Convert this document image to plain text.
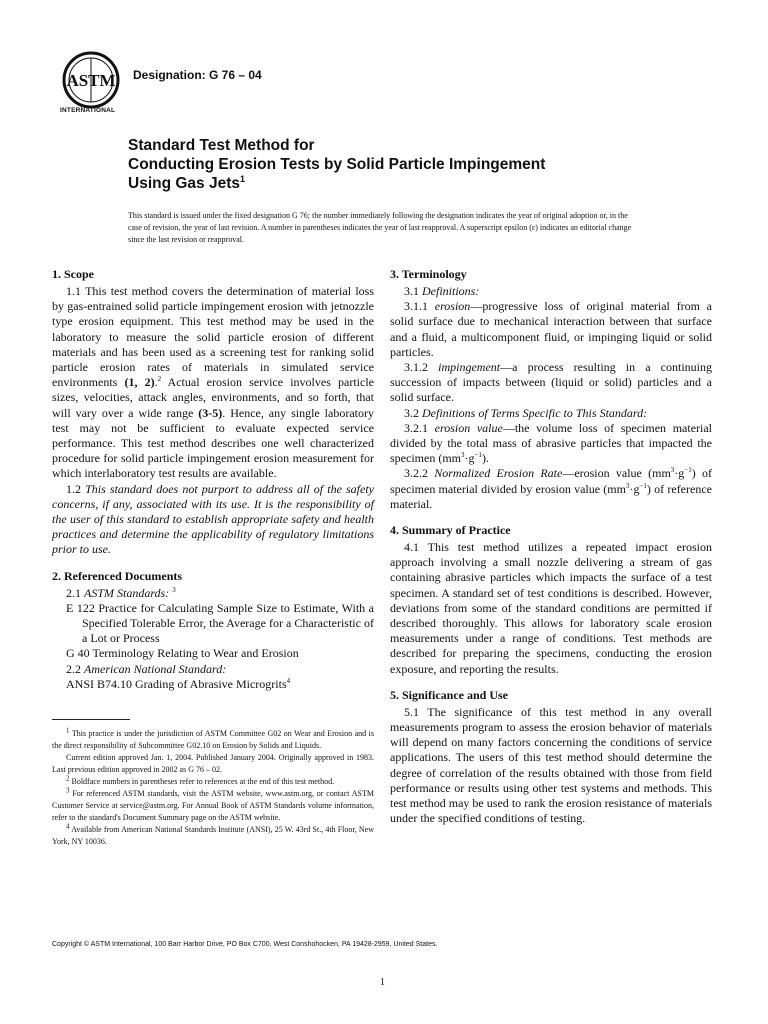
ASTM
INTERNATIONAL
Designation: G 76 – 04
Standard Test Method for
Conducting Erosion Tests by Solid Particle Impingement
Using Gas Jets$^1$
This standard is issued under the fixed designation G 76; the number immediately following the designation indicates the year of original adoption or, in the case of revision, the year of last revision. A number in parentheses indicates the year of last reapproval. A superscript epsilon (ε) indicates an editorial change since the last revision or reapproval.
1. Scope

1.1 This test method covers the determination of material loss by gas-entrained solid particle impingement erosion with jetnozzle type erosion equipment. This test method may be used in the laboratory to measure the solid particle erosion of different materials and has been used as a screening test for ranking solid particle erosion rates of materials in simulated service environments (1, 2).$^2$ Actual erosion service involves particle sizes, velocities, attack angles, environments, and so forth, that will vary over a wide range (3-5). Hence, any single laboratory test may not be sufficient to evaluate expected service performance. This test method describes one well characterized procedure for solid particle impingement erosion measurement for which interlaboratory test results are available.

1.2 This standard does not purport to address all of the safety concerns, if any, associated with its use. It is the responsibility of the user of this standard to establish appropriate safety and health practices and determine the applicability of regulatory limitations prior to use.

2. Referenced Documents

2.1 ASTM Standards: $^3$

E 122 Practice for Calculating Sample Size to Estimate, With a Specified Tolerable Error, the Average for a Characteristic of a Lot or Process

G 40 Terminology Relating to Wear and Erosion

2.2 American National Standard:

ANSI B74.10 Grading of Abrasive Microgrits$^4$

$^1$ This practice is under the jurisdiction of ASTM Committee G02 on Wear and Erosion and is the direct responsibility of Subcommittee G02.10 on Erosion by Solids and Liquids.

Current edition approved Jan. 1, 2004. Published January 2004. Originally approved in 1983. Last previous edition approved in 2002 as G 76 – 02.

$^2$ Boldface numbers in parentheses refer to references at the end of this test method.

$^3$ For referenced ASTM standards, visit the ASTM website, www.astm.org, or contact ASTM Customer Service at service@astm.org. For Annual Book of ASTM Standards volume information, refer to the standard's Document Summary page on the ASTM website.

$^4$ Available from American National Standards Institute (ANSI), 25 W. 43rd St., 4th Floor, New York, NY 10036.

3. Terminology

3.1 Definitions:

3.1.1 erosion—progressive loss of original material from a solid surface due to mechanical interaction between that surface and a fluid, a multicomponent fluid, or impinging liquid or solid particles.

3.1.2 impingement—a process resulting in a continuing succession of impacts between (liquid or solid) particles and a solid surface.

3.2 Definitions of Terms Specific to This Standard:

3.2.1 erosion value—the volume loss of specimen material divided by the total mass of abrasive particles that impacted the specimen $(mm^3\cdot g^{-1})$.

3.2.2 Normalized Erosion Rate—erosion value $(mm^3\cdot g^{-1})$ of specimen material divided by erosion value $(mm^3\cdot g^{-1})$ of reference material.

4. Summary of Practice

4.1 This test method utilizes a repeated impact erosion approach involving a small nozzle delivering a stream of gas containing abrasive particles which impacts the surface of a test specimen. A standard set of test conditions is described. However, deviations from some of the standard conditions are permitted if described thoroughly. This allows for laboratory scale erosion measurements under a range of conditions. Test methods are described for preparing the specimens, conducting the erosion exposure, and reporting the results.

5. Significance and Use

5.1 The significance of this test method in any overall measurements program to assess the erosion behavior of materials will depend on many factors concerning the conditions of service applications. The users of this test method should determine the degree of correlation of the results obtained with those from field performance or results using other test systems and methods. This test method may be used to rank the erosion resistance of materials under the specified conditions of testing.

Copyright © ASTM International, 100 Barr Harbor Drive, PO Box C700, West Conshohocken, PA 19428-2959, United States.
1
